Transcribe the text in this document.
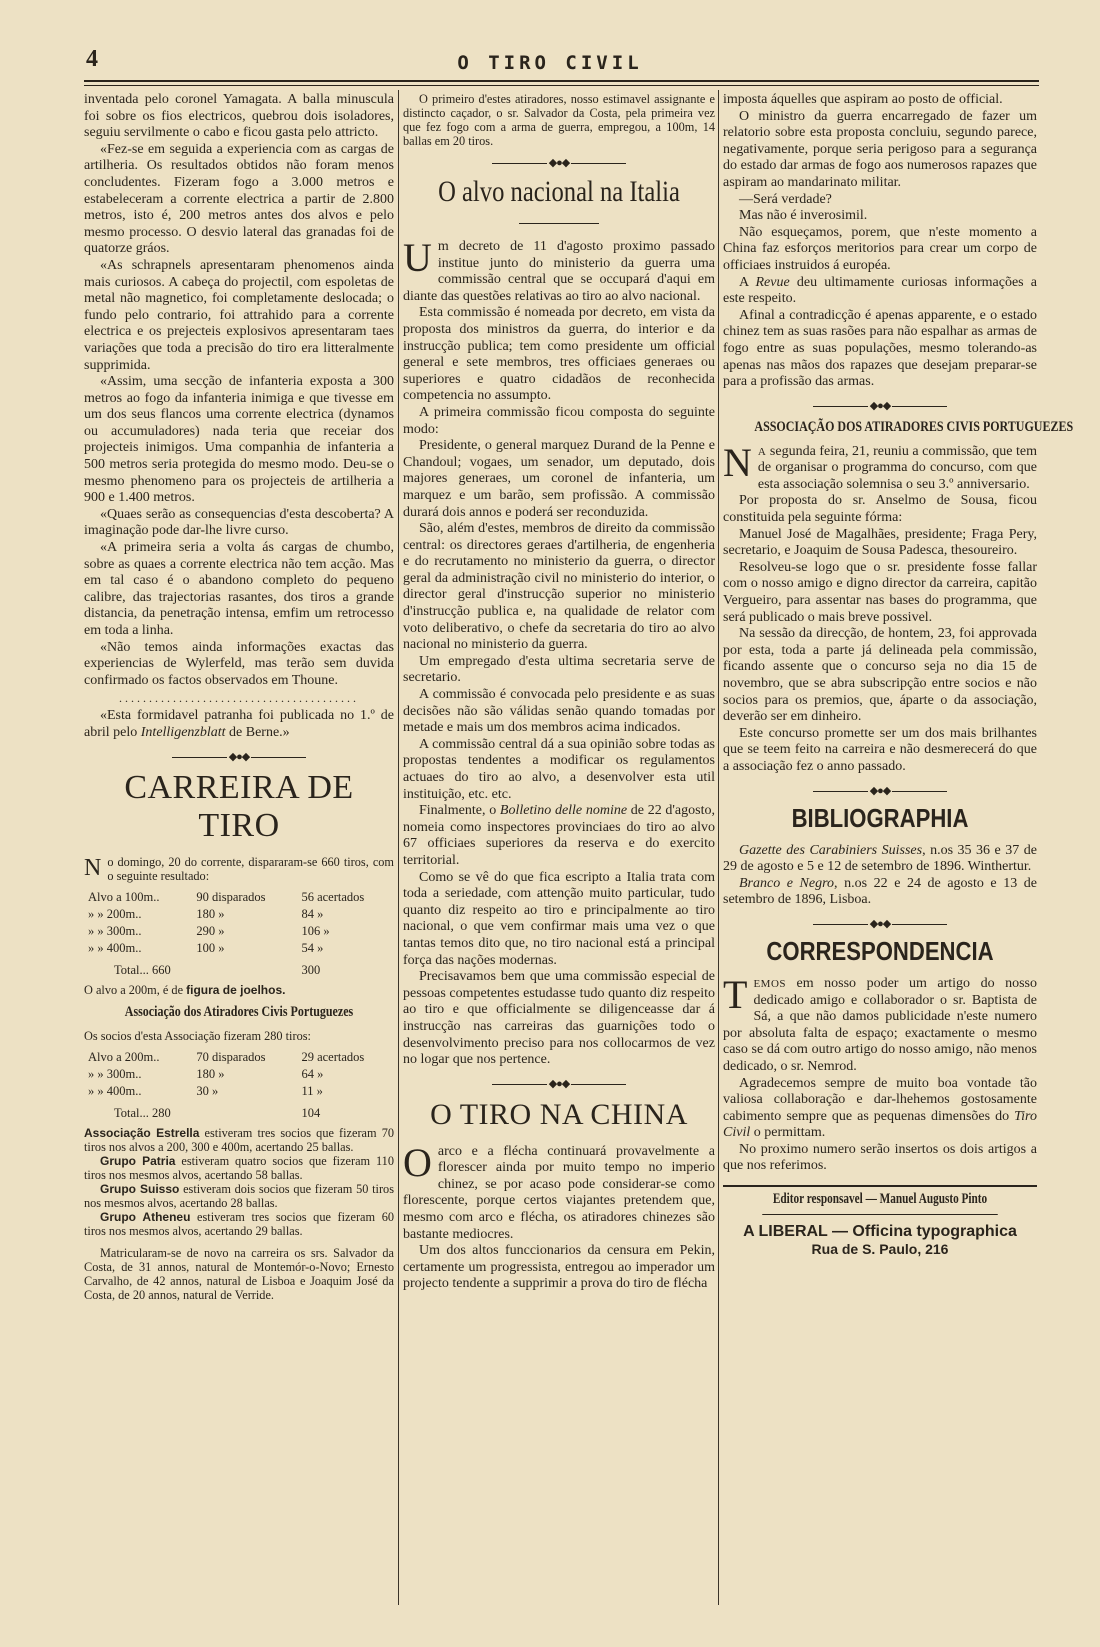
4	O TIRO CIVIL

inventada pelo coronel Yamagata. A balla minuscula foi sobre os fios electricos, quebrou dois isoladores, seguiu servilmente o cabo e ficou gasta pelo attricto.

«Fez-se em seguida a experiencia com as cargas de artilheria. Os resultados obtidos não foram menos concludentes. Fizeram fogo a 3.000 metros e estabeleceram a corrente electrica a partir de 2.800 metros, isto é, 200 metros antes dos alvos e pelo mesmo processo. O desvio lateral das granadas foi de quatorze gráos.

«As schrapnels apresentaram phenomenos ainda mais curiosos. A cabeça do projectil, com espoletas de metal não magnetico, foi completamente deslocada; o fundo pelo contrario, foi attrahido para a corrente electrica e os prejecteis explosivos apresentaram taes variações que toda a precisão do tiro era litteralmente supprimida.

«Assim, uma secção de infanteria exposta a 300 metros ao fogo da infanteria inimiga e que tivesse em um dos seus flancos uma corrente electrica (dynamos ou accumuladores) nada teria que receiar dos projecteis inimigos. Uma companhia de infanteria a 500 metros seria protegida do mesmo modo. Deu-se o mesmo phenomeno para os projecteis de artilheria a 900 e 1.400 metros.

«Quaes serão as consequencias d'esta descoberta? A imaginação pode dar-lhe livre curso.

«A primeira seria a volta ás cargas de chumbo, sobre as quaes a corrente electrica não tem acção. Mas em tal caso é o abandono completo do pequeno calibre, das trajectorias rasantes, dos tiros a grande distancia, da penetração intensa, emfim um retrocesso em toda a linha.

«Não temos ainda informações exactas das experiencias de Wylerfeld, mas terão sem duvida confirmado os factos observados em Thoune.

........................................

«Esta formidavel patranha foi publicada no 1.º de abril pelo Intelligenzblatt de Berne.»

◆●◆
CARREIRA DE TIRO

No domingo, 20 do corrente, dispararam-se 660 tiros, com o seguinte resultado:

Alvo a 100m..	90 disparados	56 acertados
» » 200m..	180 »	84 »
» » 300m..	290 »	106 »
» » 400m..	100 »	54 »
Total... 660		300

O alvo a 200m, é de figura de joelhos.

Associação dos Atiradores Civis Portuguezes

Os socios d'esta Associação fizeram 280 tiros:

Alvo a 200m..	70 disparados	29 acertados
» » 300m..	180 »	64 »
» » 400m..	30 »	11 »
Total... 280		104

Associação Estrella estiveram tres socios que fizeram 70 tiros nos alvos a 200, 300 e 400m, acertando 25 ballas.

Grupo Patria estiveram quatro socios que fizeram 110 tiros nos mesmos alvos, acertando 58 ballas.

Grupo Suisso estiveram dois socios que fizeram 50 tiros nos mesmos alvos, acertando 28 ballas.

Grupo Atheneu estiveram tres socios que fizeram 60 tiros nos mesmos alvos, acertando 29 ballas.

Matricularam-se de novo na carreira os srs. Salvador da Costa, de 31 annos, natural de Montemór-o-Novo; Ernesto Carvalho, de 42 annos, natural de Lisboa e Joaquim José da Costa, de 20 annos, natural de Verride.

O primeiro d'estes atiradores, nosso estimavel assignante e distincto caçador, o sr. Salvador da Costa, pela primeira vez que fez fogo com a arma de guerra, empregou, a 100m, 14 ballas em 20 tiros.

◆●◆
O alvo nacional na Italia

Um decreto de 11 d'agosto proximo passado institue junto do ministerio da guerra uma commissão central que se occupará d'aqui em diante das questões relativas ao tiro ao alvo nacional.

Esta commissão é nomeada por decreto, em vista da proposta dos ministros da guerra, do interior e da instrucção publica; tem como presidente um official general e sete membros, tres officiaes generaes ou superiores e quatro cidadãos de reconhecida competencia no assumpto.

A primeira commissão ficou composta do seguinte modo:

Presidente, o general marquez Durand de la Penne e Chandoul; vogaes, um senador, um deputado, dois majores generaes, um coronel de infanteria, um marquez e um barão, sem profissão. A commissão durará dois annos e poderá ser reconduzida.

São, além d'estes, membros de direito da commissão central: os directores geraes d'artilheria, de engenheria e do recrutamento no ministerio da guerra, o director geral da administração civil no ministerio do interior, o director geral d'instrucção superior no ministerio d'instrucção publica e, na qualidade de relator com voto deliberativo, o chefe da secretaria do tiro ao alvo nacional no ministerio da guerra.

Um empregado d'esta ultima secretaria serve de secretario.

A commissão é convocada pelo presidente e as suas decisões não são válidas senão quando tomadas por metade e mais um dos membros acima indicados.

A commissão central dá a sua opinião sobre todas as propostas tendentes a modificar os regulamentos actuaes do tiro ao alvo, a desenvolver esta util instituição, etc. etc.

Finalmente, o Bolletino delle nomine de 22 d'agosto, nomeia como inspectores provinciaes do tiro ao alvo 67 officiaes superiores da reserva e do exercito territorial.

Como se vê do que fica escripto a Italia trata com toda a seriedade, com attenção muito particular, tudo quanto diz respeito ao tiro e principalmente ao tiro nacional, o que vem confirmar mais uma vez o que tantas temos dito que, no tiro nacional está a principal força das nações modernas.

Precisavamos bem que uma commissão especial de pessoas competentes estudasse tudo quanto diz respeito ao tiro e que officialmente se diligenceasse dar á instrucção nas carreiras das guarnições todo o desenvolvimento preciso para nos collocarmos de vez no logar que nos pertence.

◆●◆
O TIRO NA CHINA

Oarco e a flécha continuará provavelmente a florescer ainda por muito tempo no imperio chinez, se por acaso pode considerar-se como florescente, porque certos viajantes pretendem que, mesmo com arco e flécha, os atiradores chinezes são bastante mediocres.

Um dos altos funccionarios da censura em Pekin, certamente um progressista, entregou ao imperador um projecto tendente a supprimir a prova do tiro de flécha

imposta áquelles que aspiram ao posto de official.

O ministro da guerra encarregado de fazer um relatorio sobre esta proposta concluiu, segundo parece, negativamente, porque seria perigoso para a segurança do estado dar armas de fogo aos numerosos rapazes que aspiram ao mandarinato militar.

—Será verdade?

Mas não é inverosimil.

Não esqueçamos, porem, que n'este momento a China faz esforços meritorios para crear um corpo de officiaes instruidos á européa.

A Revue deu ultimamente curiosas informações a este respeito.

Afinal a contradicção é apenas apparente, e o estado chinez tem as suas rasões para não espalhar as armas de fogo entre as suas populações, mesmo tolerando-as apenas nas mãos dos rapazes que desejam preparar-se para a profissão das armas.

◆●◆
ASSOCIAÇÃO DOS ATIRADORES CIVIS PORTUGUEZES

N A segunda feira, 21, reuniu a commissão, que tem de organisar o programma do concurso, com que esta associação solemnisa o seu 3.º anniversario.

Por proposta do sr. Anselmo de Sousa, ficou constituida pela seguinte fórma:

Manuel José de Magalhães, presidente; Fraga Pery, secretario, e Joaquim de Sousa Padesca, thesoureiro.

Resolveu-se logo que o sr. presidente fosse fallar com o nosso amigo e digno director da carreira, capitão Vergueiro, para assentar nas bases do programma, que será publicado o mais breve possivel.

Na sessão da direcção, de hontem, 23, foi approvada por esta, toda a parte já delineada pela commissão, ficando assente que o concurso seja no dia 15 de novembro, que se abra subscripção entre socios e não socios para os premios, que, áparte o da associação, deverão ser em dinheiro.

Este concurso promette ser um dos mais brilhantes que se teem feito na carreira e não desmerecerá do que a associação fez o anno passado.

◆●◆
BIBLIOGRAPHIA

Gazette des Carabiniers Suisses, n.os 35 36 e 37 de 29 de agosto e 5 e 12 de setembro de 1896. Winthertur.

Branco e Negro, n.os 22 e 24 de agosto e 13 de setembro de 1896, Lisboa.

◆●◆
CORRESPONDENCIA

TEMOS em nosso poder um artigo do nosso dedicado amigo e collaborador o sr. Baptista de Sá, a que não damos publicidade n'este numero por absoluta falta de espaço; exactamente o mesmo caso se dá com outro artigo do nosso amigo, não menos dedicado, o sr. Nemrod.

Agradecemos sempre de muito boa vontade tão valiosa collaboração e dar-lhehemos gostosamente cabimento sempre que as pequenas dimensões do Tiro Civil o permittam.

No proximo numero serão insertos os dois artigos a que nos referimos.

Editor responsavel — Manuel Augusto Pinto
A LIBERAL — Officina typographica
Rua de S. Paulo, 216
